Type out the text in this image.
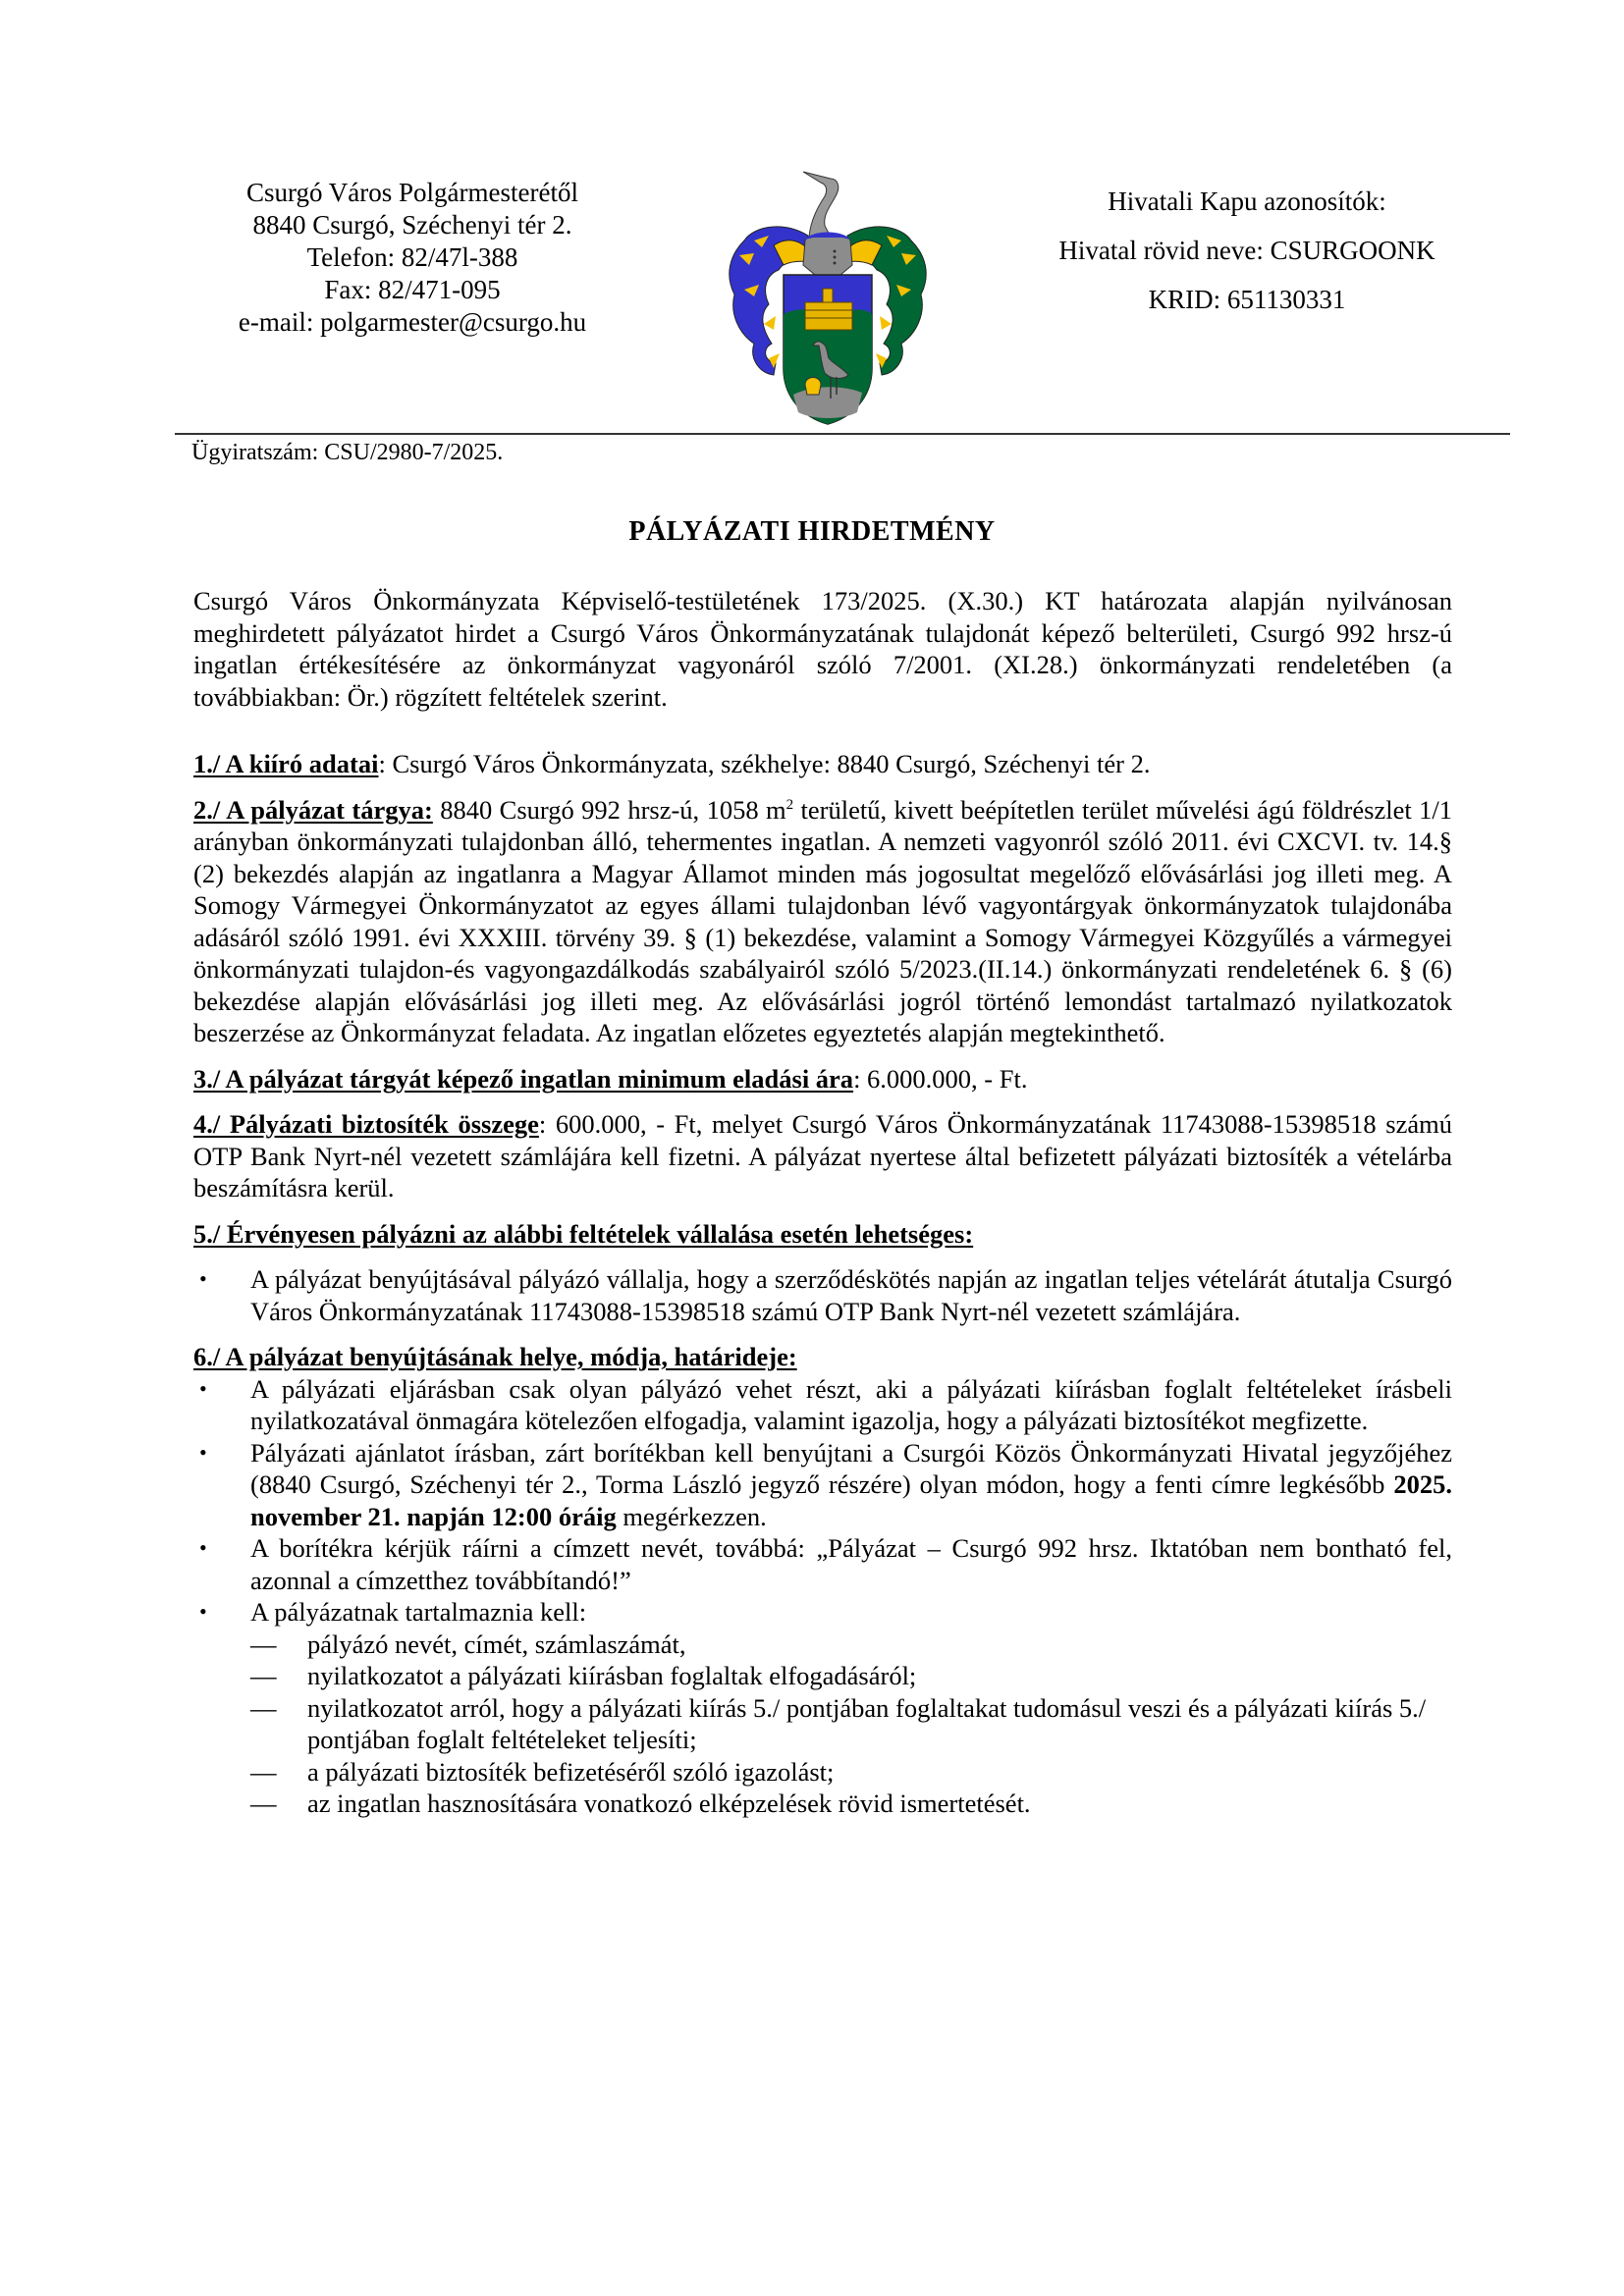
Csurgó Város Polgármesterétől
8840 Csurgó, Széchenyi tér 2.
Telefon: 82/47l-388
Fax: 82/471-095
e-mail: polgarmester@csurgo.hu
Hivatali Kapu azonosítók:
Hivatal rövid neve: CSURGOONK
KRID: 651130331
Ügyiratszám: CSU/2980-7/2025.
PÁLYÁZATI HIRDETMÉNY

Csurgó Város Önkormányzata Képviselő-testületének 173/2025. (X.30.) KT határozata alapján nyilvánosan meghirdetett pályázatot hirdet a Csurgó Város Önkormányzatának tulajdonát képező belterületi, Csurgó 992 hrsz-ú ingatlan értékesítésére az önkormányzat vagyonáról szóló 7/2001. (XI.28.) önkormányzati rendeletében (a továbbiakban: Ör.) rögzített feltételek szerint.

1./ A kiíró adatai: Csurgó Város Önkormányzata, székhelye: 8840 Csurgó, Széchenyi tér 2.

2./ A pályázat tárgya: 8840 Csurgó 992 hrsz-ú, 1058 $m^2$ területű, kivett beépítetlen terület művelési ágú földrészlet 1/1 arányban önkormányzati tulajdonban álló, tehermentes ingatlan. A nemzeti vagyonról szóló 2011. évi CXCVI. tv. 14.§ (2) bekezdés alapján az ingatlanra a Magyar Államot minden más jogosultat megelőző elővásárlási jog illeti meg. A Somogy Vármegyei Önkormányzatot az egyes állami tulajdonban lévő vagyontárgyak önkormányzatok tulajdonába adásáról szóló 1991. évi XXXIII. törvény 39. § (1) bekezdése, valamint a Somogy Vármegyei Közgyűlés a vármegyei önkormányzati tulajdon-és vagyongazdálkodás szabályairól szóló 5/2023.(II.14.) önkormányzati rendeletének 6. § (6) bekezdése alapján elővásárlási jog illeti meg. Az elővásárlási jogról történő lemondást tartalmazó nyilatkozatok beszerzése az Önkormányzat feladata. Az ingatlan előzetes egyeztetés alapján megtekinthető.

3./ A pályázat tárgyát képező ingatlan minimum eladási ára: 6.000.000, - Ft.

4./ Pályázati biztosíték összege: 600.000, - Ft, melyet Csurgó Város Önkormányzatának 11743088-15398518 számú OTP Bank Nyrt-nél vezetett számlájára kell fizetni. A pályázat nyertese által befizetett pályázati biztosíték a vételárba beszámításra kerül.

5./ Érvényesen pályázni az alábbi feltételek vállalása esetén lehetséges:

• A pályázat benyújtásával pályázó vállalja, hogy a szerződéskötés napján az ingatlan teljes vételárát átutalja Csurgó Város Önkormányzatának 11743088-15398518 számú OTP Bank Nyrt-nél vezetett számlájára.

6./ A pályázat benyújtásának helye, módja, határideje:

• A pályázati eljárásban csak olyan pályázó vehet részt, aki a pályázati kiírásban foglalt feltételeket írásbeli nyilatkozatával önmagára kötelezően elfogadja, valamint igazolja, hogy a pályázati biztosítékot megfizette.
• Pályázati ajánlatot írásban, zárt borítékban kell benyújtani a Csurgói Közös Önkormányzati Hivatal jegyzőjéhez (8840 Csurgó, Széchenyi tér 2., Torma László jegyző részére) olyan módon, hogy a fenti címre legkésőbb 2025. november 21. napján 12:00 óráig megérkezzen.
• A borítékra kérjük ráírni a címzett nevét, továbbá: „Pályázat – Csurgó 992 hrsz. Iktatóban nem bontható fel, azonnal a címzetthez továbbítandó!”
• A pályázatnak tartalmaznia kell:
— pályázó nevét, címét, számlaszámát,
— nyilatkozatot a pályázati kiírásban foglaltak elfogadásáról;
— nyilatkozatot arról, hogy a pályázati kiírás 5./ pontjában foglaltakat tudomásul veszi és a pályázati kiírás 5./ pontjában foglalt feltételeket teljesíti;
— a pályázati biztosíték befizetéséről szóló igazolást;
— az ingatlan hasznosítására vonatkozó elképzelések rövid ismertetését.
